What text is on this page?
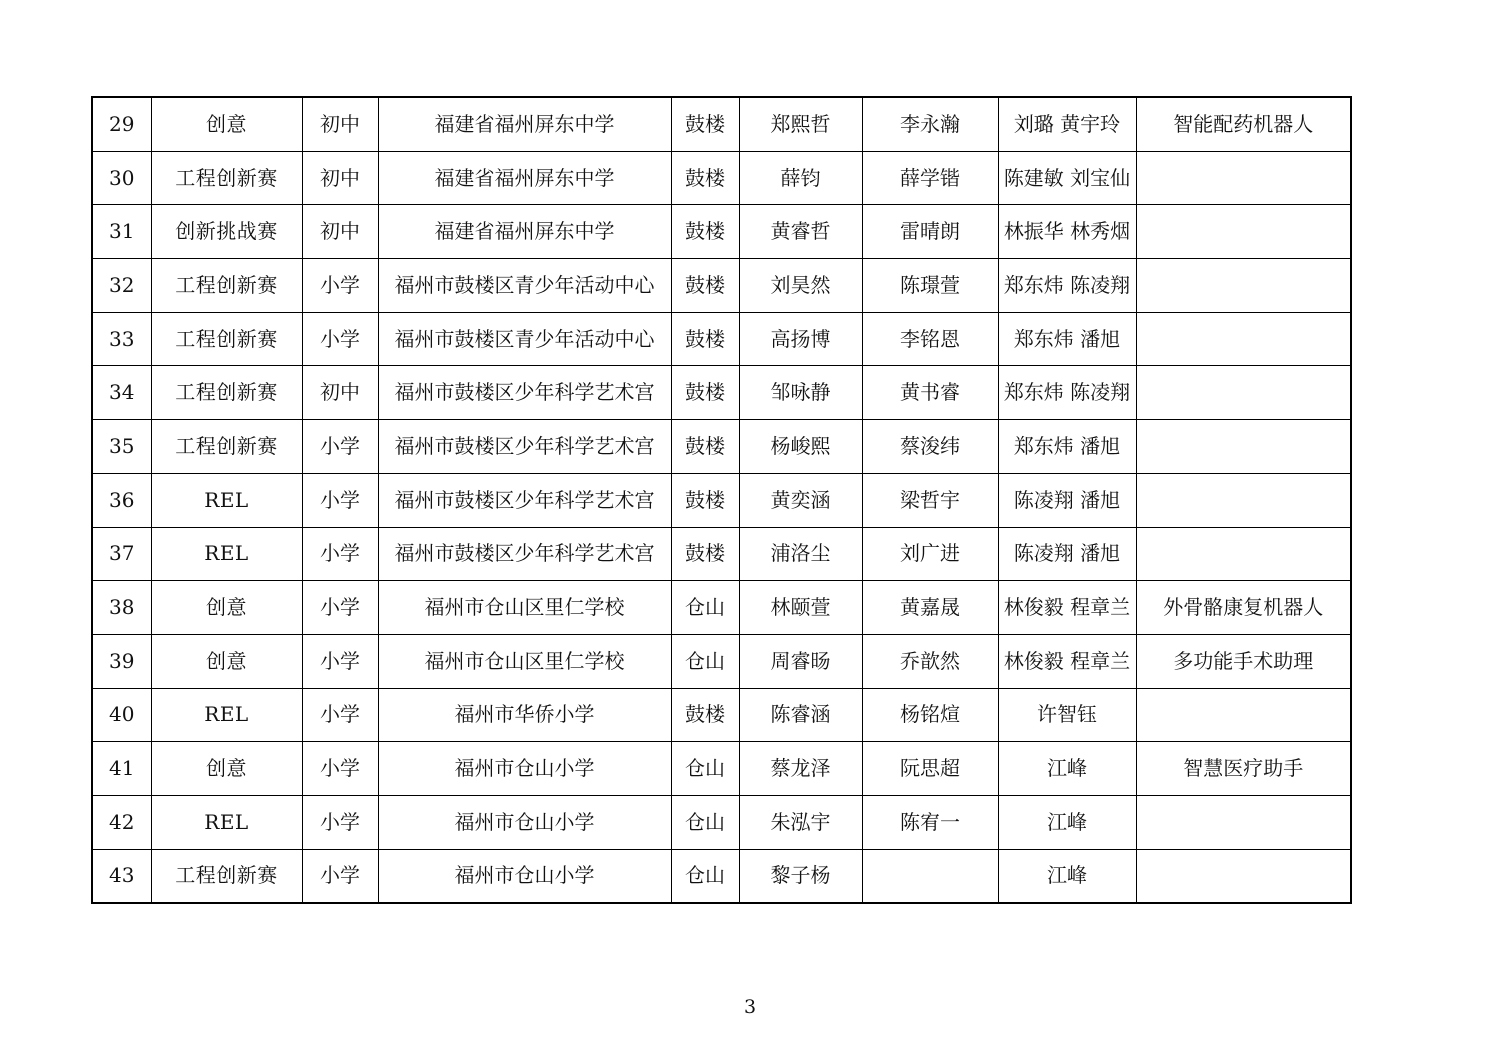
29	创意	初中	福建省福州屏东中学	鼓楼	郑熙哲	李永瀚	刘璐 黄宇玲	智能配药机器人
30	工程创新赛	初中	福建省福州屏东中学	鼓楼	薛钧	薛学锴	陈建敏 刘宝仙	
31	创新挑战赛	初中	福建省福州屏东中学	鼓楼	黄睿哲	雷晴朗	林振华 林秀烟	
32	工程创新赛	小学	福州市鼓楼区青少年活动中心	鼓楼	刘昊然	陈璟萱	郑东炜 陈凌翔	
33	工程创新赛	小学	福州市鼓楼区青少年活动中心	鼓楼	高扬博	李铭恩	郑东炜 潘旭	
34	工程创新赛	初中	福州市鼓楼区少年科学艺术宫	鼓楼	邹咏静	黄书睿	郑东炜 陈凌翔	
35	工程创新赛	小学	福州市鼓楼区少年科学艺术宫	鼓楼	杨峻熙	蔡浚纬	郑东炜 潘旭	
36	REL	小学	福州市鼓楼区少年科学艺术宫	鼓楼	黄奕涵	梁哲宇	陈凌翔 潘旭	
37	REL	小学	福州市鼓楼区少年科学艺术宫	鼓楼	浦洛尘	刘广进	陈凌翔 潘旭	
38	创意	小学	福州市仓山区里仁学校	仓山	林颐萱	黄嘉晟	林俊毅 程章兰	外骨骼康复机器人
39	创意	小学	福州市仓山区里仁学校	仓山	周睿旸	乔歆然	林俊毅 程章兰	多功能手术助理
40	REL	小学	福州市华侨小学	鼓楼	陈睿涵	杨铭煊	许智钰	
41	创意	小学	福州市仓山小学	仓山	蔡龙泽	阮思超	江峰	智慧医疗助手
42	REL	小学	福州市仓山小学	仓山	朱泓宇	陈宥一	江峰	
43	工程创新赛	小学	福州市仓山小学	仓山	黎子杨		江峰	
3
